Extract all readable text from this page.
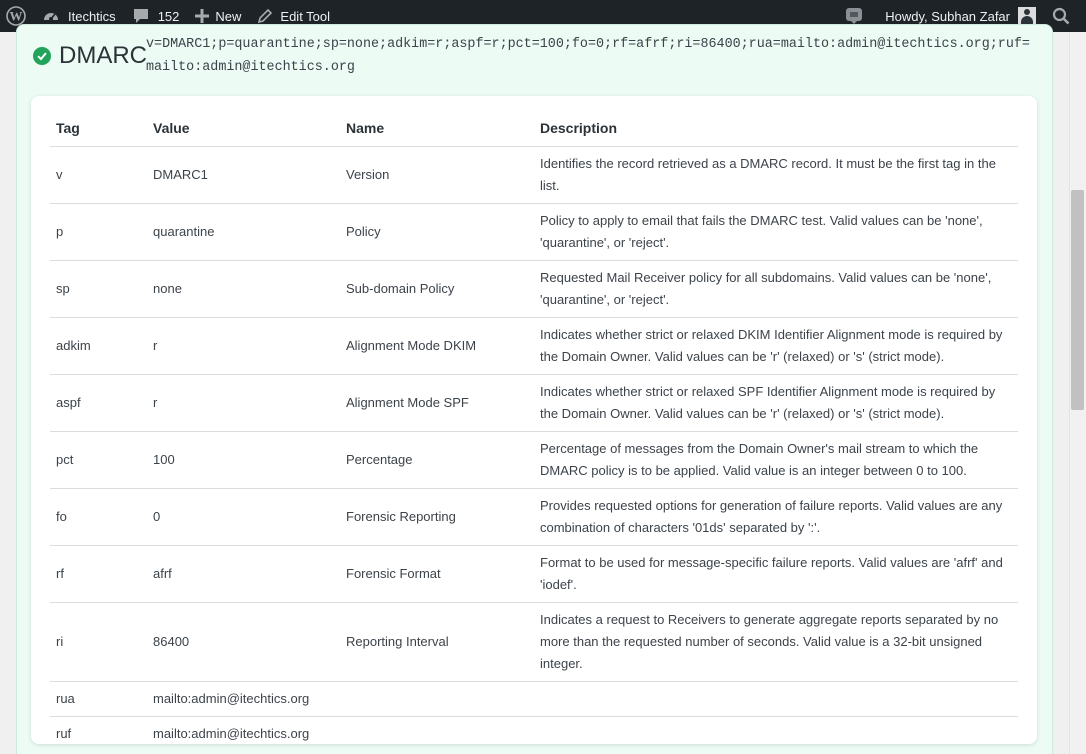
W	Itechtics	152	New	Edit Tool	Howdy, Subhan Zafar
DMARC v=DMARC1;p=quarantine;sp=none;adkim=r;aspf=r;pct=100;fo=0;rf=afrf;ri=86400;rua=mailto:admin@itechtics.org;ruf=mailto:admin@itechtics.org
Tag	Value	Name	Description
v	DMARC1	Version	Identifies the record retrieved as a DMARC record. It must be the first tag in the list.
p	quarantine	Policy	Policy to apply to email that fails the DMARC test. Valid values can be 'none', 'quarantine', or 'reject'.
sp	none	Sub-domain Policy	Requested Mail Receiver policy for all subdomains. Valid values can be 'none', 'quarantine', or 'reject'.
adkim	r	Alignment Mode DKIM	Indicates whether strict or relaxed DKIM Identifier Alignment mode is required by the Domain Owner. Valid values can be 'r' (relaxed) or 's' (strict mode).
aspf	r	Alignment Mode SPF	Indicates whether strict or relaxed SPF Identifier Alignment mode is required by the Domain Owner. Valid values can be 'r' (relaxed) or 's' (strict mode).
pct	100	Percentage	Percentage of messages from the Domain Owner's mail stream to which the DMARC policy is to be applied. Valid value is an integer between 0 to 100.
fo	0	Forensic Reporting	Provides requested options for generation of failure reports. Valid values are any combination of characters '01ds' separated by ':'.
rf	afrf	Forensic Format	Format to be used for message-specific failure reports. Valid values are 'afrf' and 'iodef'.
ri	86400	Reporting Interval	Indicates a request to Receivers to generate aggregate reports separated by no more than the requested number of seconds. Valid value is a 32-bit unsigned integer.
rua	mailto:admin@itechtics.org		
ruf	mailto:admin@itechtics.org		
